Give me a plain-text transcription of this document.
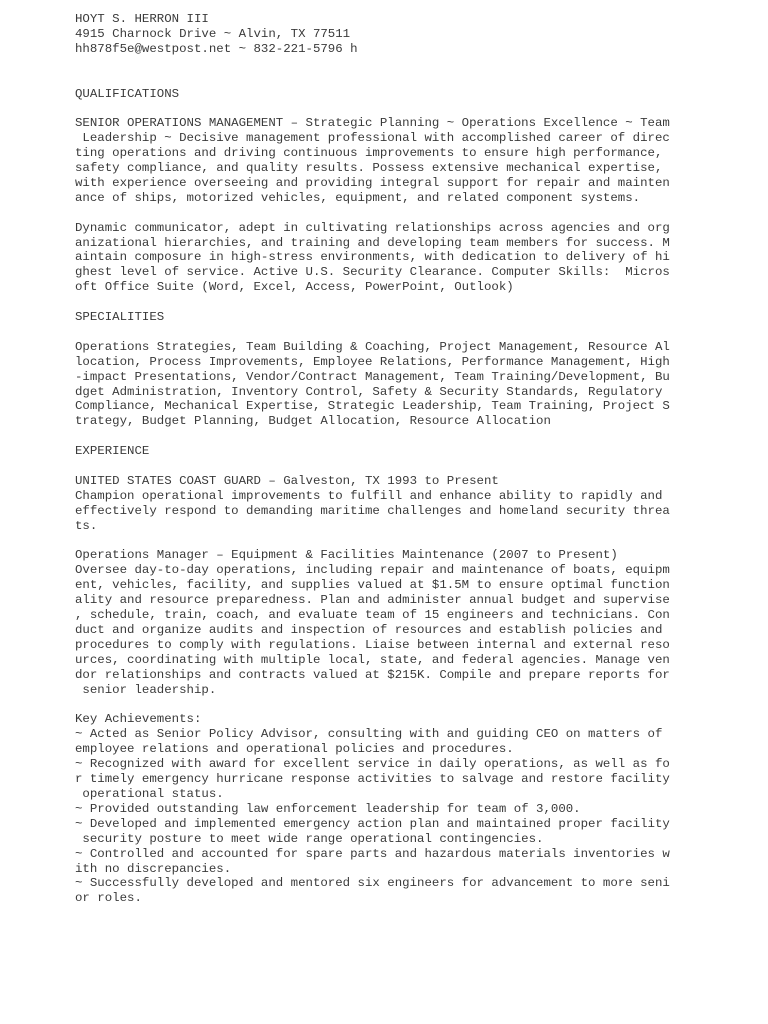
HOYT S. HERRON III
4915 Charnock Drive ~ Alvin, TX 77511
hh878f5e@westpost.net ~ 832-221-5796 h
QUALIFICATIONS
SENIOR OPERATIONS MANAGEMENT – Strategic Planning ~ Operations Excellence ~ Team
Leadership ~ Decisive management professional with accomplished career of direc
ting operations and driving continuous improvements to ensure high performance,
safety compliance, and quality results. Possess extensive mechanical expertise,
with experience overseeing and providing integral support for repair and mainten
ance of ships, motorized vehicles, equipment, and related component systems.
Dynamic communicator, adept in cultivating relationships across agencies and org
anizational hierarchies, and training and developing team members for success. M
aintain composure in high-stress environments, with dedication to delivery of hi
ghest level of service. Active U.S. Security Clearance. Computer Skills:  Micros
oft Office Suite (Word, Excel, Access, PowerPoint, Outlook)
SPECIALITIES
Operations Strategies, Team Building & Coaching, Project Management, Resource Al
location, Process Improvements, Employee Relations, Performance Management, High
-impact Presentations, Vendor/Contract Management, Team Training/Development, Bu
dget Administration, Inventory Control, Safety & Security Standards, Regulatory
Compliance, Mechanical Expertise, Strategic Leadership, Team Training, Project S
trategy, Budget Planning, Budget Allocation, Resource Allocation
EXPERIENCE
UNITED STATES COAST GUARD – Galveston, TX 1993 to Present
Champion operational improvements to fulfill and enhance ability to rapidly and
effectively respond to demanding maritime challenges and homeland security threa
ts.
Operations Manager – Equipment & Facilities Maintenance (2007 to Present)
Oversee day-to-day operations, including repair and maintenance of boats, equipm
ent, vehicles, facility, and supplies valued at $1.5M to ensure optimal function
ality and resource preparedness. Plan and administer annual budget and supervise
, schedule, train, coach, and evaluate team of 15 engineers and technicians. Con
duct and organize audits and inspection of resources and establish policies and
procedures to comply with regulations. Liaise between internal and external reso
urces, coordinating with multiple local, state, and federal agencies. Manage ven
dor relationships and contracts valued at $215K. Compile and prepare reports for
senior leadership.
Key Achievements:
~ Acted as Senior Policy Advisor, consulting with and guiding CEO on matters of
employee relations and operational policies and procedures.
~ Recognized with award for excellent service in daily operations, as well as fo
r timely emergency hurricane response activities to salvage and restore facility
operational status.
~ Provided outstanding law enforcement leadership for team of 3,000.
~ Developed and implemented emergency action plan and maintained proper facility
security posture to meet wide range operational contingencies.
~ Controlled and accounted for spare parts and hazardous materials inventories w
ith no discrepancies.
~ Successfully developed and mentored six engineers for advancement to more seni
or roles.
